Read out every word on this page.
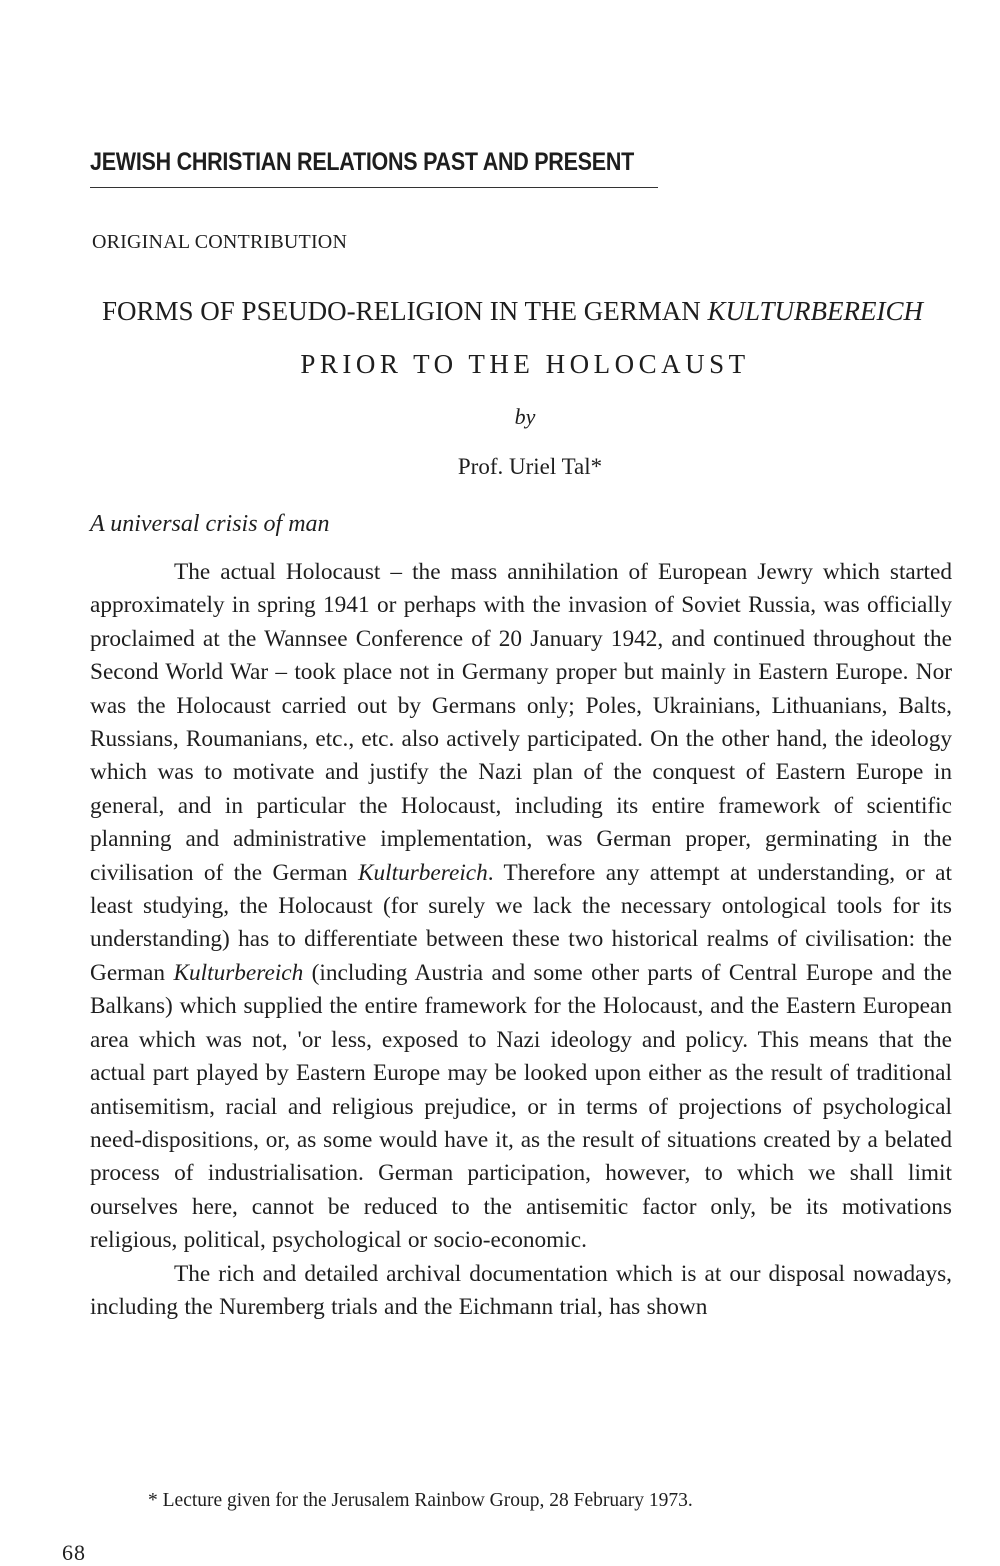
JEWISH CHRISTIAN RELATIONS PAST AND PRESENT
ORIGINAL CONTRIBUTION
FORMS OF PSEUDO-RELIGION IN THE GERMAN KULTURBEREICH
PRIOR TO THE HOLOCAUST
by
Prof. Uriel Tal*
A universal crisis of man

The actual Holocaust – the mass annihilation of European Jewry which started approximately in spring 1941 or perhaps with the invasion of Soviet Russia, was officially proclaimed at the Wannsee Conference of 20 January 1942, and continued throughout the Second World War – took place not in Germany proper but mainly in Eastern Europe. Nor was the Holocaust carried out by Germans only; Poles, Ukrainians, Lithuanians, Balts, Russians, Roumanians, etc., etc. also actively participated. On the other hand, the ideology which was to motivate and justify the Nazi plan of the conquest of Eastern Europe in general, and in particular the Holocaust, including its entire framework of scientific planning and administrative implementation, was German proper, germinating in the civilisation of the German Kulturbereich. Therefore any attempt at understanding, or at least studying, the Holocaust (for surely we lack the necessary ontological tools for its understanding) has to differentiate between these two historical realms of civilisation: the German Kulturbereich (including Austria and some other parts of Central Europe and the Balkans) which supplied the entire framework for the Holocaust, and the Eastern European area which was not, 'or less, exposed to Nazi ideology and policy. This means that the actual part played by Eastern Europe may be looked upon either as the result of traditional antisemitism, racial and religious prejudice, or in terms of projections of psychological need-dispositions, or, as some would have it, as the result of situations created by a belated process of industrialisation. German participation, however, to which we shall limit ourselves here, cannot be reduced to the antisemitic factor only, be its motivations religious, political, psychological or socio-economic.

The rich and detailed archival documentation which is at our disposal nowadays, including the Nuremberg trials and the Eichmann trial, has shown

* Lecture given for the Jerusalem Rainbow Group, 28 February 1973.
68
